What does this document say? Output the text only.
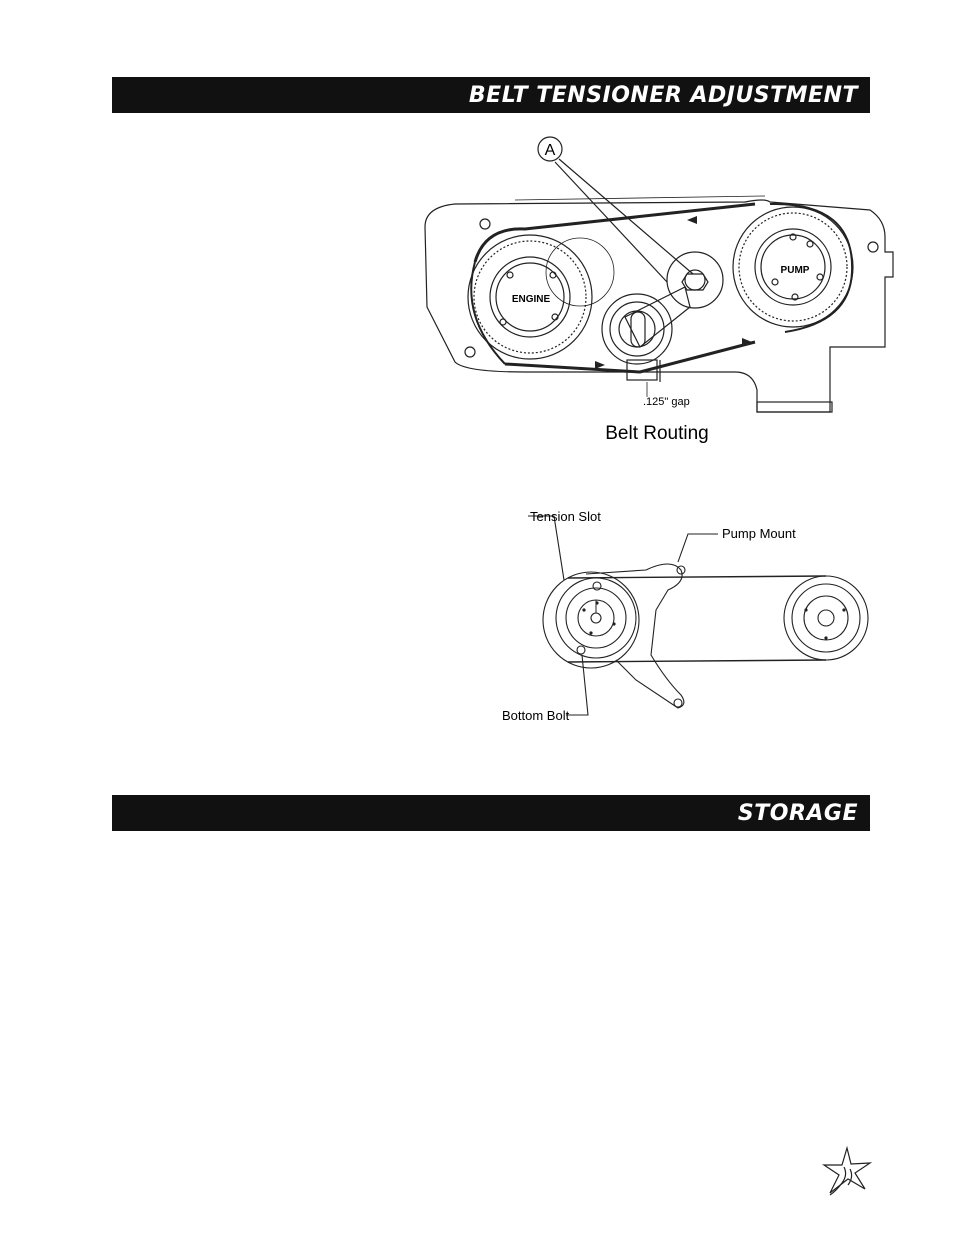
BELT TENSIONER ADJUSTMENT
A
ENGINE
PUMP
.125" gap
Belt Routing
Tension Slot
Pump Mount
Bottom Bolt
STORAGE
